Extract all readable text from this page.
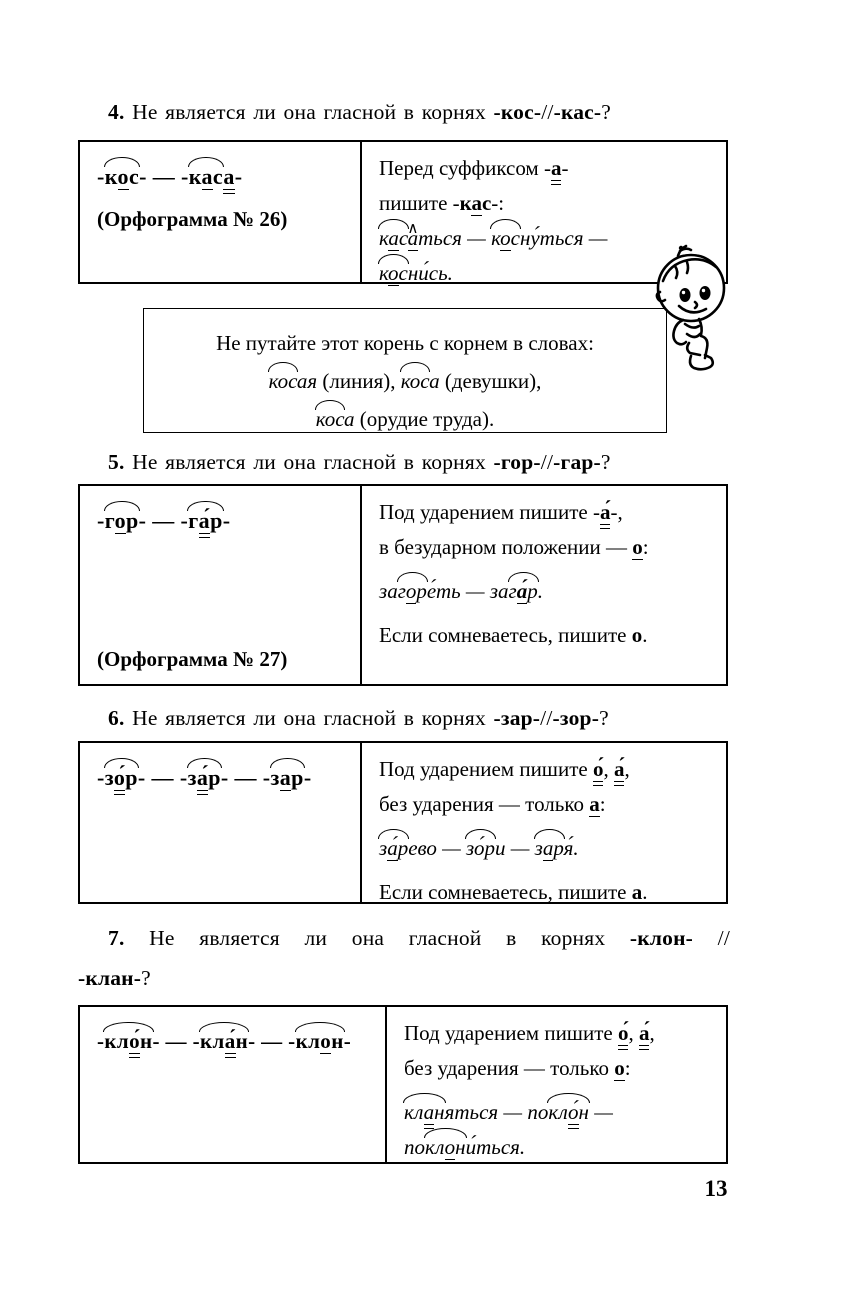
4. Не является ли она гласной в корнях -кос-//-кас-?
-кос- — -каса-
(Орфограмма № 26)
Перед суффиксом -а-
пишите -кас-:
каса ∧ться — косну́ться —
косни́сь.
Не путайте этот корень с корнем в словах:
косая (линия), коса (девушки),
коса (орудие труда).
5. Не является ли она гласной в корнях -гор-//-гар-?
-гор- — -га́р-
(Орфограмма № 27)
Под ударением пишите -а́-,
в безударном положении — о:
загоре́ть — зага́р.
Если сомневаетесь, пишите о.
6. Не является ли она гласной в корнях -зар-//-зор-?
-зо́р- — -за́р- — -зар-	Под ударением пишите о́, а́,
без ударения — только а:
за́рево — зо́ри — заря́.
Если сомневаетесь, пишите а.
7. Не является ли она гласной в корнях -клон- //
-клан-?
-кло́н- — -кла́н- — -клон-	Под ударением пишите о́, а́,
без ударения — только о:
кланяться — покло́н —
поклони́ться.
13
